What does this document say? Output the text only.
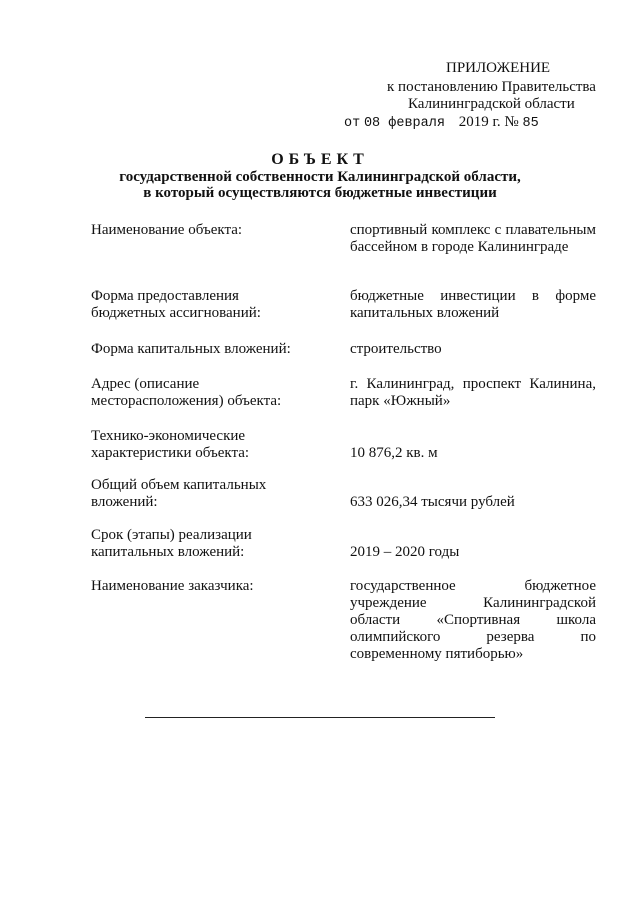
ПРИЛОЖЕНИЕ
к постановлению Правительства
Калининградской области
от 08 февраля 2019 г. № 85
ОБЪЕКТ
государственной собственности Калининградской области,
в который осуществляются бюджетные инвестиции
Наименование объекта:	спортивный комплекс с плавательным бассейном в городе Калининграде
Форма предоставления бюджетных ассигнований:
бюджетные инвестиции в форме капитальных вложений
Форма капитальных вложений:	строительство
Адрес (описание месторасположения) объекта:
г. Калининград, проспект Калинина, парк «Южный»
Технико-экономические характеристики объекта:	10 876,2 кв. м
Общий объем капитальных вложений:	633 026,34 тысячи рублей
Срок (этапы) реализации капитальных вложений:	2019 – 2020 годы
Наименование заказчика:	государственное бюджетное учреждение Калининградской области «Спортивная школа олимпийского резерва по современному пятиборью»
